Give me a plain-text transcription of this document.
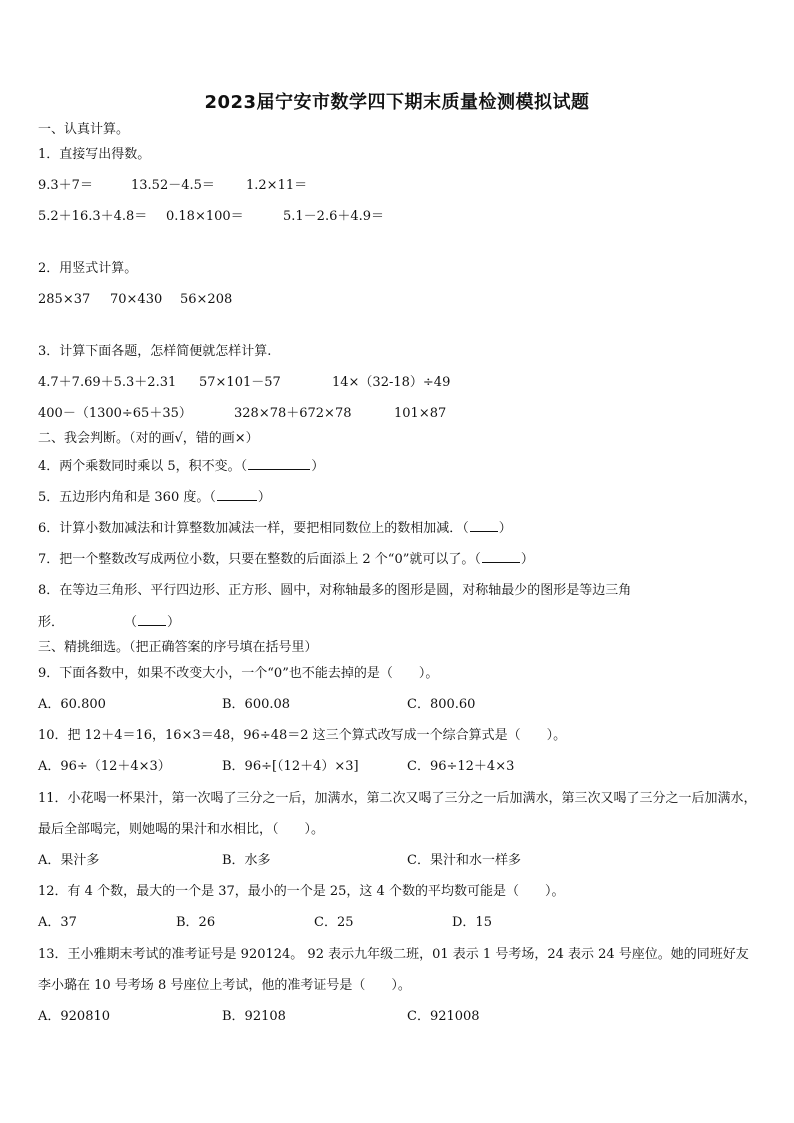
2023届宁安市数学四下期末质量检测模拟试题
一、认真计算。
1．直接写出得数。
9.3＋7＝	13.52－4.5＝ 1.2×11＝
5.2＋16.3＋4.8＝ 0.18×100＝	5.1－2.6＋4.9＝
2．用竖式计算。
285×37 70×430 56×208
3．计算下面各题，怎样简便就怎样计算.
4.7＋7.69＋5.3＋2.31 57×101－57	14×（32-18）÷49
400－（1300÷65＋35）	328×78＋672×78	101×87
二、我会判断。（对的画√，错的画×）
4．两个乘数同时乘以 5，积不变。（	）
5．五边形内角和是 360 度。（	）
6．计算小数加减法和计算整数加减法一样，要把相同数位上的数相加减．（ ）
7．把一个整数改写成两位小数，只要在整数的后面添上 2 个“0”就可以了。（	）
8．在等边三角形、平行四边形、正方形、圆中，对称轴最多的图形是圆，对称轴最少的图形是等边三角
形．	（ ）
三、精挑细选。（把正确答案的序号填在括号里）
9．下面各数中，如果不改变大小，一个“0”也不能去掉的是（　　）。
A．60.800	B．600.08	C．800.60
10．把 12＋4＝16，16×3＝48，96÷48＝2 这三个算式改写成一个综合算式是（　　）。
A．96÷（12＋4×3）	B．96÷[（12＋4）×3]	C．96÷12＋4×3
11．小花喝一杯果汁，第一次喝了三分之一后，加满水，第二次又喝了三分之一后加满水，第三次又喝了三分之一后加满水，最后全部喝完，则她喝的果汁和水相比，（　　）。
A．果汁多	B．水多	C．果汁和水一样多
12．有 4 个数，最大的一个是 37，最小的一个是 25，这 4 个数的平均数可能是（　　）。
A．37	B．26	C．25	D．15
13．王小雅期末考试的准考证号是 920124。 92 表示九年级二班，01 表示 1 号考场，24 表示 24 号座位。她的同班好友李小璐在 10 号考场 8 号座位上考试，他的准考证号是（　　）。
A．920810	B．92108	C．921008
